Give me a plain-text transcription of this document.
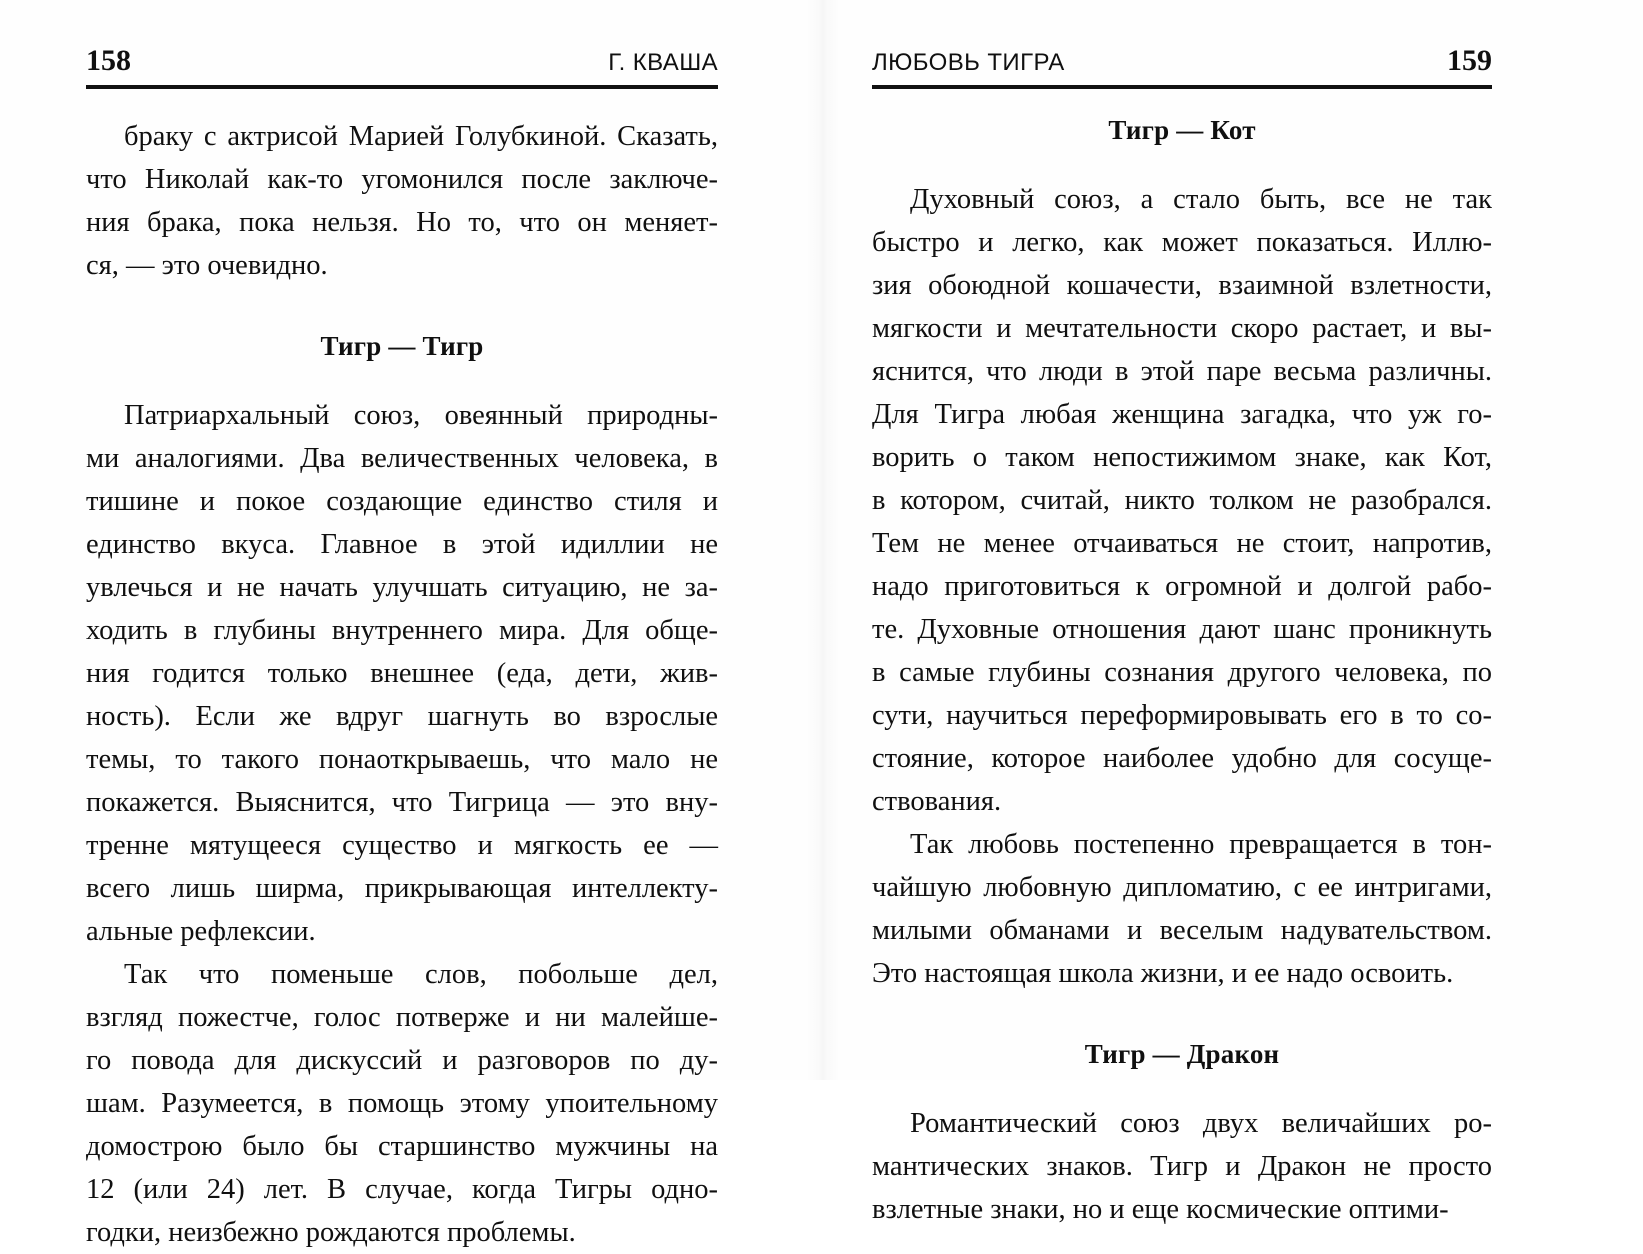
158	Г. КВАША

браку с актрисой Марией Голубкиной. Сказать,
что Николай как-то угомонился после заключе-
ния брака, пока нельзя. Но то, что он меняет-
ся, — это очевидно.

Тигр — Тигр

Патриархальный союз, овеянный природны-
ми аналогиями. Два величественных человека, в
тишине и покое создающие единство стиля и
единство вкуса. Главное в этой идиллии не
увлечься и не начать улучшать ситуацию, не за-
ходить в глубины внутреннего мира. Для обще-
ния годится только внешнее (еда, дети, жив-
ность). Если же вдруг шагнуть во взрослые
темы, то такого понаоткрываешь, что мало не
покажется. Выяснится, что Тигрица — это вну-
тренне мятущееся существо и мягкость ее —
всего лишь ширма, прикрывающая интеллекту-
альные рефлексии.

Так что поменьше слов, побольше дел,
взгляд пожестче, голос потверже и ни малейше-
го повода для дискуссий и разговоров по ду-
шам. Разумеется, в помощь этому упоительному
домострою было бы старшинство мужчины на
12 (или 24) лет. В случае, когда Тигры одно-
годки, неизбежно рождаются проблемы.

ЛЮБОВЬ ТИГРА	159
Тигр — Кот

Духовный союз, а стало быть, все не так
быстро и легко, как может показаться. Иллю-
зия обоюдной кошачести, взаимной взлетности,
мягкости и мечтательности скоро растает, и вы-
яснится, что люди в этой паре весьма различны.
Для Тигра любая женщина загадка, что уж го-
ворить о таком непостижимом знаке, как Кот,
в котором, считай, никто толком не разобрался.
Тем не менее отчаиваться не стоит, напротив,
надо приготовиться к огромной и долгой рабо-
те. Духовные отношения дают шанс проникнуть
в самые глубины сознания другого человека, по
сути, научиться переформировывать его в то со-
стояние, которое наиболее удобно для сосуще-
ствования.

Так любовь постепенно превращается в тон-
чайшую любовную дипломатию, с ее интригами,
милыми обманами и веселым надувательством.
Это настоящая школа жизни, и ее надо освоить.

Тигр — Дракон

Романтический союз двух величайших ро-
мантических знаков. Тигр и Дракон не просто
взлетные знаки, но и еще космические оптими-
